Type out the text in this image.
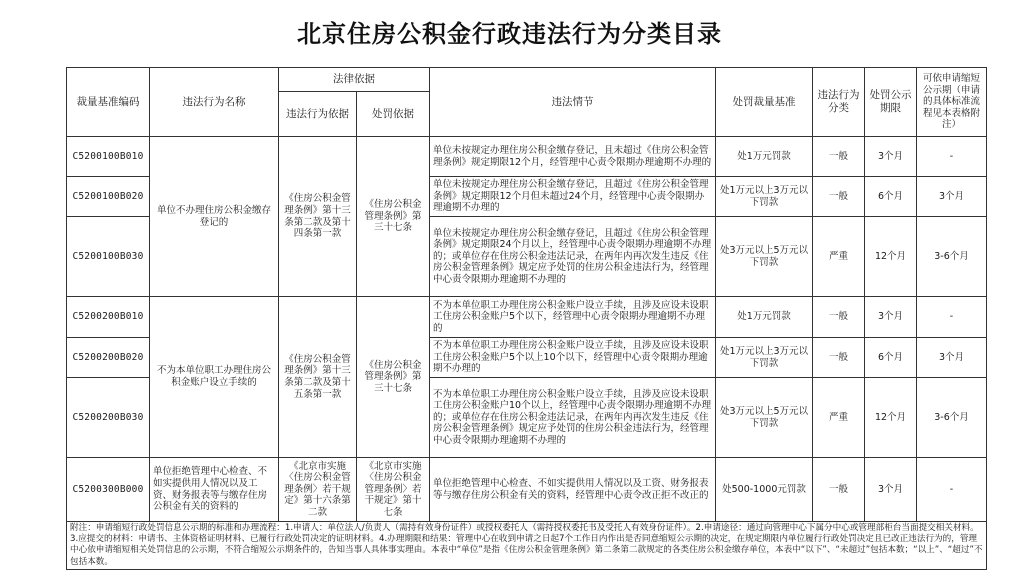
北京住房公积金行政违法行为分类目录
裁量基准编码	违法行为名称	法律依据		违法情节	处罚裁量基准	违法行为分类	处罚公示期限	可依申请缩短公示期（申请的具体标准流程见本表格附注）
		违法行为依据	处罚依据					
C5200100B010	单位不办理住房公积金缴存登记的	《住房公积金管理条例》第十三条第二款及第十四条第一款	《住房公积金管理条例》第三十七条	单位未按规定办理住房公积金缴存登记，且未超过《住房公积金管理条例》规定期限12个月，经管理中心责令限期办理逾期不办理的	处1万元罚款	一般	3个月	-
C5200100B020				单位未按规定办理住房公积金缴存登记，且超过《住房公积金管理条例》规定期限12个月但未超过24个月，经管理中心责令限期办理逾期不办理的	处1万元以上3万元以下罚款	一般	6个月	3个月
C5200100B030				单位未按规定办理住房公积金缴存登记，且超过《住房公积金管理条例》规定期限24个月以上，经管理中心责令限期办理逾期不办理的；或单位存在住房公积金违法记录，在两年内再次发生违反《住房公积金管理条例》规定应予处罚的住房公积金违法行为，经管理中心责令限期办理逾期不办理的	处3万元以上5万元以下罚款	严重	12个月	3-6个月
C5200200B010	不为本单位职工办理住房公积金账户设立手续的	《住房公积金管理条例》第十三条第二款及第十五条第一款	《住房公积金管理条例》第三十七条	不为本单位职工办理住房公积金账户设立手续，且涉及应设未设职工住房公积金账户5个以下，经管理中心责令限期办理逾期不办理的	处1万元罚款	一般	3个月	-
C5200200B020				不为本单位职工办理住房公积金账户设立手续，且涉及应设未设职工住房公积金账户5个以上10个以下，经管理中心责令限期办理逾期不办理的	处1万元以上3万元以下罚款	一般	6个月	3个月
C5200200B030				不为本单位职工办理住房公积金账户设立手续，且涉及应设未设职工住房公积金账户10个以上，经管理中心责令限期办理逾期不办理的；或单位存在住房公积金违法记录，在两年内再次发生违反《住房公积金管理条例》规定应予处罚的住房公积金违法行为，经管理中心责令限期办理逾期不办理的	处3万元以上5万元以下罚款	严重	12个月	3-6个月
C5200300B000	单位拒绝管理中心检查、不如实提供用人情况以及工资、财务报表等与缴存住房公积金有关的资料的	《北京市实施〈住房公积金管理条例〉若干规定》第十六条第二款	《北京市实施〈住房公积金管理条例〉若干规定》第十七条	单位拒绝管理中心检查、不如实提供用人情况以及工资、财务报表等与缴存住房公积金有关的资料，经管理中心责令改正拒不改正的	处500-1000元罚款	一般	3个月	-
附注：申请缩短行政处罚信息公示期的标准和办理流程：1.申请人：单位法人/负责人（需持有效身份证件）或授权委托人（需持授权委托书及受托人有效身份证件）。2.申请途径：通过向管理中心下属分中心或管理部柜台当面提交相关材料。3.应提交的材料：申请书、主体资格证明材料、已履行行政处罚决定的证明材料。4.办理期限和结果：管理中心在收到申请之日起7个工作日内作出是否同意缩短公示期的决定，在规定期限内单位履行行政处罚决定且已改正违法行为的，管理中心依申请缩短相关处罚信息的公示期，不符合缩短公示期条件的，告知当事人具体事实理由。本表中“单位”是指《住房公积金管理条例》第二条第二款规定的各类住房公积金缴存单位，本表中“以下”、“未超过”包括本数；“以上”、“超过”不包括本数。								
